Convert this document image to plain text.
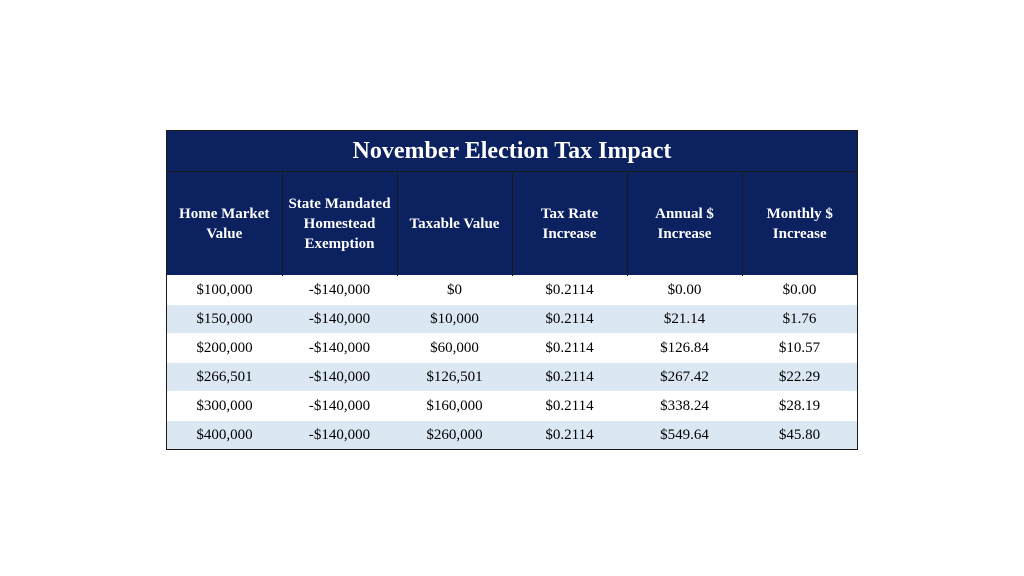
November Election Tax Impact					
Home Market Value	State Mandated Homestead Exemption	Taxable Value	Tax Rate Increase	Annual $ Increase	Monthly $ Increase
$100,000	-$140,000	$0	$0.2114	$0.00	$0.00
$150,000	-$140,000	$10,000	$0.2114	$21.14	$1.76
$200,000	-$140,000	$60,000	$0.2114	$126.84	$10.57
$266,501	-$140,000	$126,501	$0.2114	$267.42	$22.29
$300,000	-$140,000	$160,000	$0.2114	$338.24	$28.19
$400,000	-$140,000	$260,000	$0.2114	$549.64	$45.80
